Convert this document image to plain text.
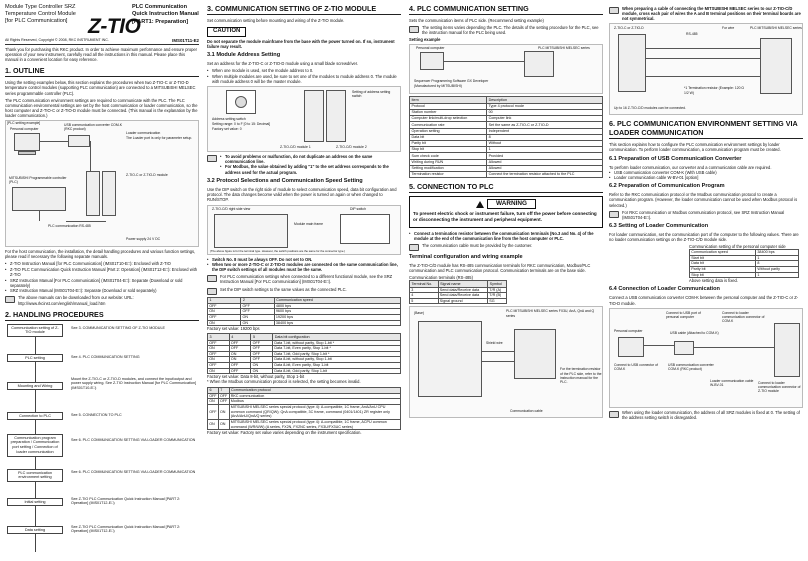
Module Type Controller SRZ
Temperature Control Module
[for PLC Communication] Z-TIO
PLC Communication
Quick Instruction Manual
[PART1: Preparation]
All Rights Reserved, Copyright © 2008, RKC INSTRUMENT INC.	IMS01T11-E2

Thank you for purchasing this RKC product. In order to achieve maximum performance and ensure proper operation of your new instrument, carefully read all the instructions in this manual. Please place this manual in a convenient location for easy reference.

1. OUTLINE

Using the setting examples below, this section explains the procedures when two Z-TIO-C or Z-TIO-D temperature control modules (supporting PLC communication) are connected to a MITSUBISHI MELSEC series programmable controller (PLC).

The PLC communication environment settings are required to communicate with the PLC. The PLC communication environmental settings are set by the host communication or loader communication, so the host computer and Z-TIO-C or Z-TIO-D module must be connected. (This manual is the explanation by the loader communication.)

[PLC setting example]
Personal computer
USB communication converter COM-K (RKC product)
Loader communication
The Loader port is only for parameter setup.
Z-TIO-C or Z-TIO-D module
MITSUBISHI Programmable controller (PLC)
PLC communication RS-485
Power supply 24 V DC

For the host communication, the installation, the detail handling procedures and various function settings, please read if necessary the following separate manuals.

• Z-TIO Instruction Manual [for PLC Communication] (IMS01T10-E□): Enclosed with Z-TIO
• Z-TIO PLC Communication Quick Instruction Manual [Part 2: Operation] (IMS01T12-E□): Enclosed with Z-TIO
• SRZ Instruction Manual [For PLC communication] (IMS01T04-E□): Separate (Download or sold separately)
• SRZ Instruction Manual (IMS01T04-E□): Separate (Download or sold separately)
The above manuals can be downloaded from our website: URL: http://www.rkcinst.com/english/manual_load.htm
2. HANDLING PROCEDURES
Communication setting of Z-TIO module
See 3. COMMUNICATION SETTING OF Z-TIO MODULE
PLC setting	See 4. PLC COMMUNICATION SETTING
Mounting and Wiring
Mount the Z-TIO-C or Z-TIO-D modules, and connect the input/output and power supply wiring. See Z-TIO Instruction Manual [for PLC Communication] (IMS01T10-E□)
Connection to PLC	See 5. CONNECTION TO PLC
Communication program preparation / Communication port setting / Connection of loader communication
See 6. PLC COMMUNICATION SETTING VIA LOADER COMMUNICATION
PLC communication environment setting
See 6. PLC COMMUNICATION SETTING VIA LOADER COMMUNICATION
Initial setting
See Z-TIO PLC Communication Quick Instruction Manual [PART 2: Operation] (IMS01T12-E□)
Data setting
See Z-TIO PLC Communication Quick Instruction Manual [PART 2: Operation] (IMS01T12-E□)
3. COMMUNICATION SETTING OF Z-TIO MODULE

Set communication setting before mounting and wiring of the Z-TIO module.

CAUTION

Do not separate the module mainframe from the base with the power turned on. If so, instrument failure may result.

3.1 Module Address Setting

Set an address for the Z-TIO-C or Z-TIO-D module using a small blade screwdriver.

• When one module is used, set the module address to 0.
• When multiple modules are used, be sure to set one of the modules to module address 0. The module with module address 0 will be the master module.
Address setting switch
Setting range: 0 to F [0 to 15: Decimal]
Factory set value: 0
Setting of address setting switch
Z-TIO-C/D module 1	Z-TIO-C/D module 2
• To avoid problems or malfunction, do not duplicate an address on the same communication line.
• For Modbus, the value obtained by adding "1" to the set address corresponds to the address used for the actual program.
3.2 Protocol Selections and Communication Speed Setting

Use the DIP switch on the right side of module to select communication speed, data bit configuration and protocol. The data changes become valid when the power is turned on again or when changed to RUN/STOP.

Z-TIO-C/D right side view
Module main frame
DIP switch
(The above figure is for the terminal type. However, the switch positions are the same for the connector type.)
• Switch No. 8 must be always OFF. Do not set to ON.
• When two or more Z-TIO-C or Z-TIO-D modules are connected on the same communication line, the DIP switch settings of all modules must be the same.
For PLC communication settings when connected to a different functional module, see the SRZ Instruction Manual [For PLC communication] (IMS01T04-E□).
Set the DIP switch settings to the same values as the connected PLC.
1	2	Communication speed
OFF	OFF	4800 bps
ON	OFF	9600 bps
OFF	ON	19200 bps
ON	ON	38400 bps

Factory set value: 19200 bps

3	4	5	Data bit configuration
OFF	OFF	OFF	Data 7-bit, without parity, Stop 1-bit *
ON	OFF	OFF	Data 7-bit, Even parity, Stop 1-bit *
OFF	ON	OFF	Data 7-bit, Odd parity, Stop 1-bit *
ON	ON	OFF	Data 8-bit, without parity, Stop 1-bit
OFF	OFF	ON	Data 8-bit, Even parity, Stop 1-bit
ON	OFF	ON	Data 8-bit, Odd parity, Stop 1-bit

Factory set value: Data 8-bit, without parity, Stop 1-bit

* When the Modbus communication protocol is selected, the setting becomes invalid.

6	7	Communication protocol
OFF	OFF	RKC communication
ON	OFF	Modbus
OFF	ON	MITSUBISHI MELSEC series special protocol (type 4): A-compatible, 1C frame, AnA/AnU CPU common command (QR/QW); QnA compatible, 3C frame, command (0401/1401) ZR register only (AnA/AnU/QnA/Q series)
ON	ON	MITSUBISHI MELSEC series special protocol (type 4): A-compatible, 1C frame, ACPU common command (WR/WW) (A series, FX2N, FX2NC series, FX3U/FX3UC series)

Factory set value: Factory set value varies depending on the instrument specification.

4. PLC COMMUNICATION SETTING

Sets the communication items of PLC side. (Recommend setting example)

The setting items varies depending the PLC. The details of the setting procedure for the PLC, see the instruction manual for the PLC being used.

Setting example

Personal computer	PLC MITSUBISHI MELSEC series
Sequencer Programming Software GX Developer (Manufactured by MITSUBISHI)
Item	Description
Protocol	Type 4 protocol mode
Station number	00
Computer link/multi-drop selection	Computer link
Communication rate	Set the same as Z-TIO-C or Z-TIO-D
Operation setting	Independent
Data bit	8
Parity bit	Without
Stop bit	1
Sum check code	Provided
Writing during RUN	Allowed
Setting modification	Allowed
Termination resistor	Connect the termination resistor attached to the PLC
5. CONNECTION TO PLC
WARNING

To prevent electric shock or instrument failure, turn off the power before connecting or disconnecting the instrument and peripheral equipment.

• Connect a termination resistor between the communication terminals (No.3 and No. 4) of the module at the end of the communication line from the host computer or PLC.
The communication cable must be provided by the customer.
Terminal configuration and wiring example

The Z-TIO-C/D module has RS-485 communication terminals for RKC communication, Modbus/PLC communication and PLC communication protocol. Communication terminals are on the base side.

Communication terminals (RS-485)

Terminal No.	Signal name	Symbol
3	Send data/Receive data	T/R (A)
4	Send data/Receive data	T/R (B)
5	Signal ground	SG
(Base)	PLC MITSUBISHI MELSEC series FX3U, AnA, QnA and Q series
Shield wire
For the termination resistor of the PLC side, refer to the instruction manual for the PLC.
Communication cable
When preparing a cable of connecting the MITSUBISHI MELSEC series to our Z-TIO-C/D module, cross each pair of wires the A and B terminal positions on their terminal boards are not symmetrical.
Z-TIO-C or Z-TIO-D
RS-485
For wire	PLC MITSUBISHI MELSEC series
*1 Termination resistor (Example: 120 Ω 1/2 W)
Up to 16 Z-TIO-C/D modules can be connected.
6. PLC COMMUNICATION ENVIRONMENT SETTING VIA LOADER COMMUNICATION

This section explains how to configure the PLC communication environment settings by loader communication. To perform loader communication, a communication program must be created.

6.1 Preparation of USB Communication Converter

To perform loader communication, our converter and a communication cable are required.

• USB communication converter COM-K (With USB cable)
• Loader communication cable W-BV-01 [option]
6.2 Preparation of Communication Program

Refer to the RKC communication protocol or the Modbus communication protocol to create a communication program. (However, the loader communication cannot be used when Modbus protocol is selected.)

For RKC communication or Modbus communication protocol, see SRZ Instruction Manual (IMS01T04-E□).
6.3 Setting of Loader Communication

For loader communication, set the communication port of the computer to the following values. There are no loader communication settings on the Z-TIO-C/D module side.

Communication setting of the personal computer side

Communication speed	38400 bps
Start bit	1
Data bit	8
Parity bit	Without parity
Stop bit	1

Above setting data is fixed.

6.4 Connection of Loader Communication

Connect a USB communication converter COM-K between the personal computer and the Z-TIO-C or Z-TIO-D module.

Personal computer
Connect to USB port of personal computer
USB cable (Attached to COM-K)
Connect to USB connector of COM-K
USB communication converter COM-K (RKC product)
Connect to loader communication connector of COM-K
Loader communication cable W-BV-01
Connect to loader communication connector of Z-TIO module
When using the loader communication, the address of all SRZ modules is fixed at 0. The setting of the address setting switch is disregarded.
